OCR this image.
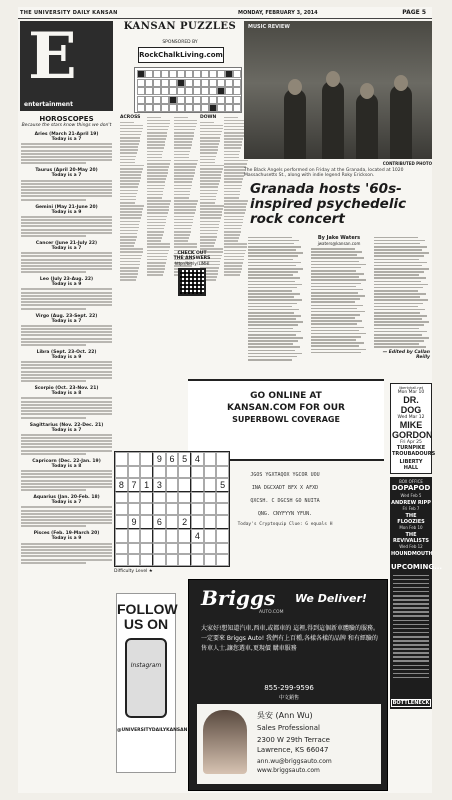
THE UNIVERSITY DAILY KANSAN	MONDAY, FEBRUARY 3, 2014	PAGE 5
E
entertainment
HOROSCOPES
Because the stars know things we don't
Aries (March 21-April 19)
Today is a 7
Taurus (April 20-May 20)
Today is a 7
Gemini (May 21-June 20)
Today is a 9
Cancer (June 21-July 22)
Today is a 7
Leo (July 23-Aug. 22)
Today is a 9
Virgo (Aug. 23-Sept. 22)
Today is a 7
Libra (Sept. 23-Oct. 22)
Today is a 9
Scorpio (Oct. 23-Nov. 21)
Today is a 8
Sagittarius (Nov. 22-Dec. 21)
Today is a 7
Capricorn (Dec. 22-Jan. 19)
Today is a 8
Aquarius (Jan. 20-Feb. 18)
Today is a 7
Pisces (Feb. 19-March 20)
Today is a 9
KANSAN PUZZLES
SPONSORED BY
RockChalkLiving.com
ACROSS	DOWN
CHECK OUT THE ANSWERS
http://bit.ly/1lMHI
MUSIC REVIEW
CONTRIBUTED PHOTO
The Black Angels performed on Friday at the Granada, located at 1020 Massachusetts St., along with indie legend Roky Erickson.
Granada hosts '60s-inspired psychedelic rock concert
By Jake Waters
jwaters@kansan.com
— Edited by Callan Reilly
GO ONLINE AT
KANSAN.COM FOR OUR
SUPERBOWL COVERAGE
9 6 5 4
8 7 1 3	5
9	6	2
4
Difficulty Level ★

JGOS YGXTAQOX YGCOR UOU

INA DGCXADT BFX X AFXD

QXCSH. C DGCSH GO NUITA

QNG. CNYFYYN YFUN.

Today's Cryptoquip Clue: G equals H
FOLLOW
US ON
Instagram
@UNIVERSITYDAILYKANSAN
Briggs We Deliver!
AUTO.COM
大家好!想知道汽車,西車,或都車的 這裡,得到這個新車體驗的服務。一定要來 Briggs Auto! 我們有上百種,各樣各樣的品牌 和有經驗的售車人士,讓您選車,更現價 購車服務
855-299-9596
中文銷售
吳安 (Ann Wu)
Sales Professional
2300 W 29th Terrace
Lawrence, KS 66047
ann.wu@briggsauto.com
www.briggsauto.com
libertyhall.net
Mon Mar 10
DR. DOG
Wed Mar 12
MIKE GORDON
Fri Apr 25
TURNPIKE TROUBADOURS
LIBERTY HALL
BOX OFFICE
DOPAPOD
Wed Feb 5
ANDREW RIPP
Fri Feb 7
THE FLOOZIES
Mon Feb 10
THE REVIVALISTS
Wed Feb 12
HOUNDMOUTH
UPCOMING...
BOTTLENECK
